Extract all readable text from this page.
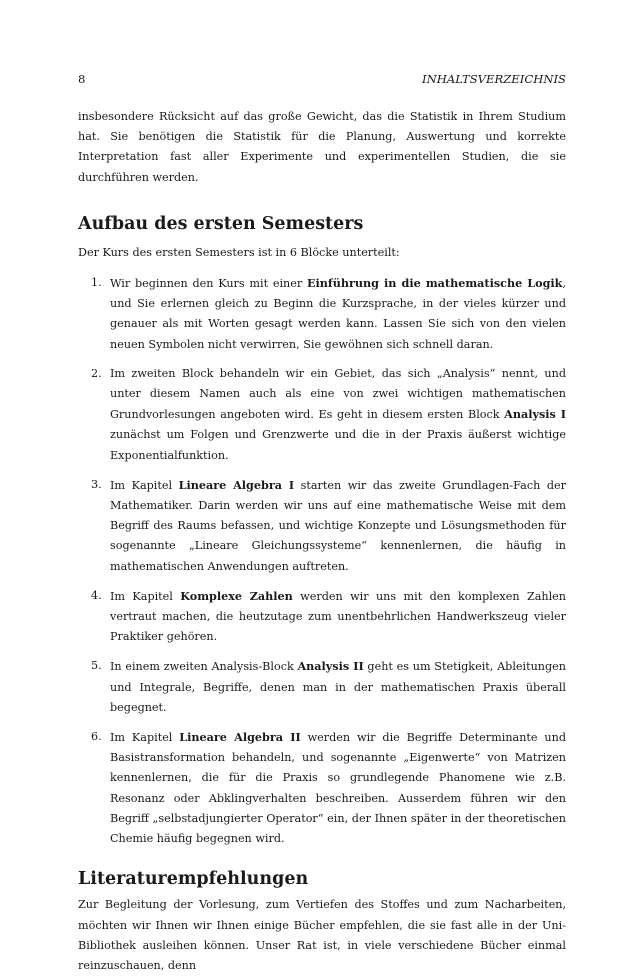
8	INHALTSVERZEICHNIS

insbesondere Rücksicht auf das große Gewicht, das die Statistik in Ihrem Studium hat. Sie benötigen die Statistik für die Planung, Auswertung und korrekte Interpretation fast aller Experimente und experimentellen Studien, die sie durchführen werden.

Aufbau des ersten Semesters

Der Kurs des ersten Semesters ist in 6 Blöcke unterteilt:

1. Wir beginnen den Kurs mit einer Einführung in die mathematische Logik, und Sie erlernen gleich zu Beginn die Kurzsprache, in der vieles kürzer und genauer als mit Worten gesagt werden kann. Lassen Sie sich von den vielen neuen Symbolen nicht verwirren, Sie gewöhnen sich schnell daran.
2. Im zweiten Block behandeln wir ein Gebiet, das sich „Analysis“ nennt, und unter diesem Namen auch als eine von zwei wichtigen mathematischen Grundvorlesungen angeboten wird. Es geht in diesem ersten Block Analysis I zunächst um Folgen und Grenzwerte und die in der Praxis äußerst wichtige Exponentialfunktion.
3. Im Kapitel Lineare Algebra I starten wir das zweite Grundlagen-Fach der Mathematiker. Darin werden wir uns auf eine mathematische Weise mit dem Begriff des Raums befassen, und wichtige Konzepte und Lösungsmethoden für sogenannte „Lineare Gleichungssysteme“ kennenlernen, die häufig in mathematischen Anwendungen auftreten.
4. Im Kapitel Komplexe Zahlen werden wir uns mit den komplexen Zahlen vertraut machen, die heutzutage zum unentbehrlichen Handwerkszeug vieler Praktiker gehören.
5. In einem zweiten Analysis-Block Analysis II geht es um Stetigkeit, Ableitungen und Integrale, Begriffe, denen man in der mathematischen Praxis überall begegnet.
6. Im Kapitel Lineare Algebra II werden wir die Begriffe Determinante und Basistransformation behandeln, und sogenannte „Eigenwerte“ von Matrizen kennenlernen, die für die Praxis so grundlegende Phanomene wie z.B. Resonanz oder Abklingverhalten beschreiben. Ausserdem führen wir den Begriff „selbstadjungierter Operator“ ein, der Ihnen später in der theoretischen Chemie häufig begegnen wird.
Literaturempfehlungen

Zur Begleitung der Vorlesung, zum Vertiefen des Stoffes und zum Nacharbeiten, möchten wir Ihnen wir Ihnen einige Bücher empfehlen, die sie fast alle in der Uni-Bibliothek ausleihen können. Unser Rat ist, in viele verschiedene Bücher einmal reinzuschauen, denn
